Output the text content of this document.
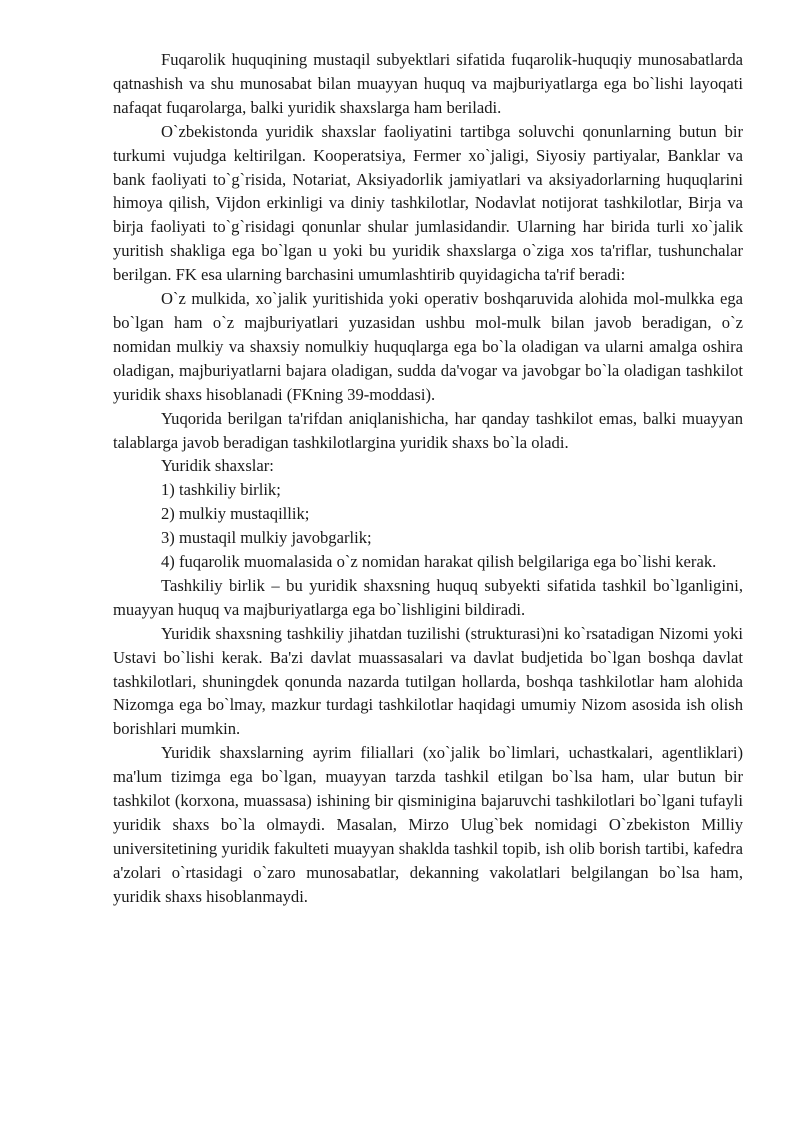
Fuqarolik huquqining mustaqil subyektlari sifatida fuqarolik-huquqiy munosabatlarda qatnashish va shu munosabat bilan muayyan huquq va majburiyatlarga ega bo`lishi layoqati nafaqat fuqarolarga, balki yuridik shaxslarga ham beriladi.

O`zbekistonda yuridik shaxslar faoliyatini tartibga soluvchi qonunlarning butun bir turkumi vujudga keltirilgan. Kooperatsiya, Fermer xo`jaligi, Siyosiy partiyalar, Banklar va bank faoliyati to`g`risida, Notariat, Aksiyadorlik jamiyatlari va aksiyadorlarning huquqlarini himoya qilish, Vijdon erkinligi va diniy tashkilotlar, Nodavlat notijorat tashkilotlar, Birja va birja faoliyati to`g`risidagi qonunlar shular jumlasidandir. Ularning har birida turli xo`jalik yuritish shakliga ega bo`lgan u yoki bu yuridik shaxslarga o`ziga xos ta'riflar, tushunchalar berilgan. FK esa ularning barchasini umumlashtirib quyidagicha ta'rif beradi:

O`z mulkida, xo`jalik yuritishida yoki operativ boshqaruvida alohida mol-mulkka ega bo`lgan ham o`z majburiyatlari yuzasidan ushbu mol-mulk bilan javob beradigan, o`z nomidan mulkiy va shaxsiy nomulkiy huquqlarga ega bo`la oladigan va ularni amalga oshira oladigan, majburiyatlarni bajara oladigan, sudda da'vogar va javobgar bo`la oladigan tashkilot yuridik shaxs hisoblanadi (FKning 39-moddasi).

Yuqorida berilgan ta'rifdan aniqlanishicha, har qanday tashkilot emas, balki muayyan talablarga javob beradigan tashkilotlargina yuridik shaxs bo`la oladi.

Yuridik shaxslar:

1) tashkiliy birlik;

2) mulkiy mustaqillik;

3) mustaqil mulkiy javobgarlik;

4) fuqarolik muomalasida o`z nomidan harakat qilish belgilariga ega bo`lishi kerak.

Tashkiliy birlik – bu yuridik shaxsning huquq subyekti sifatida tashkil bo`lganligini, muayyan huquq va majburiyatlarga ega bo`lishligini bildiradi.

Yuridik shaxsning tashkiliy jihatdan tuzilishi (strukturasi)ni ko`rsatadigan Nizomi yoki Ustavi bo`lishi kerak. Ba'zi davlat muassasalari va davlat budjetida bo`lgan boshqa davlat tashkilotlari, shuningdek qonunda nazarda tutilgan hollarda, boshqa tashkilotlar ham alohida Nizomga ega bo`lmay, mazkur turdagi tashkilotlar haqidagi umumiy Nizom asosida ish olish borishlari mumkin.

Yuridik shaxslarning ayrim filiallari (xo`jalik bo`limlari, uchastkalari, agentliklari) ma'lum tizimga ega bo`lgan, muayyan tarzda tashkil etilgan bo`lsa ham, ular butun bir tashkilot (korxona, muassasa) ishining bir qisminigina bajaruvchi tashkilotlari bo`lgani tufayli yuridik shaxs bo`la olmaydi. Masalan, Mirzo Ulug`bek nomidagi O`zbekiston Milliy universitetining yuridik fakulteti muayyan shaklda tashkil topib, ish olib borish tartibi, kafedra a'zolari o`rtasidagi o`zaro munosabatlar, dekanning vakolatlari belgilangan bo`lsa ham, yuridik shaxs hisoblanmaydi.
